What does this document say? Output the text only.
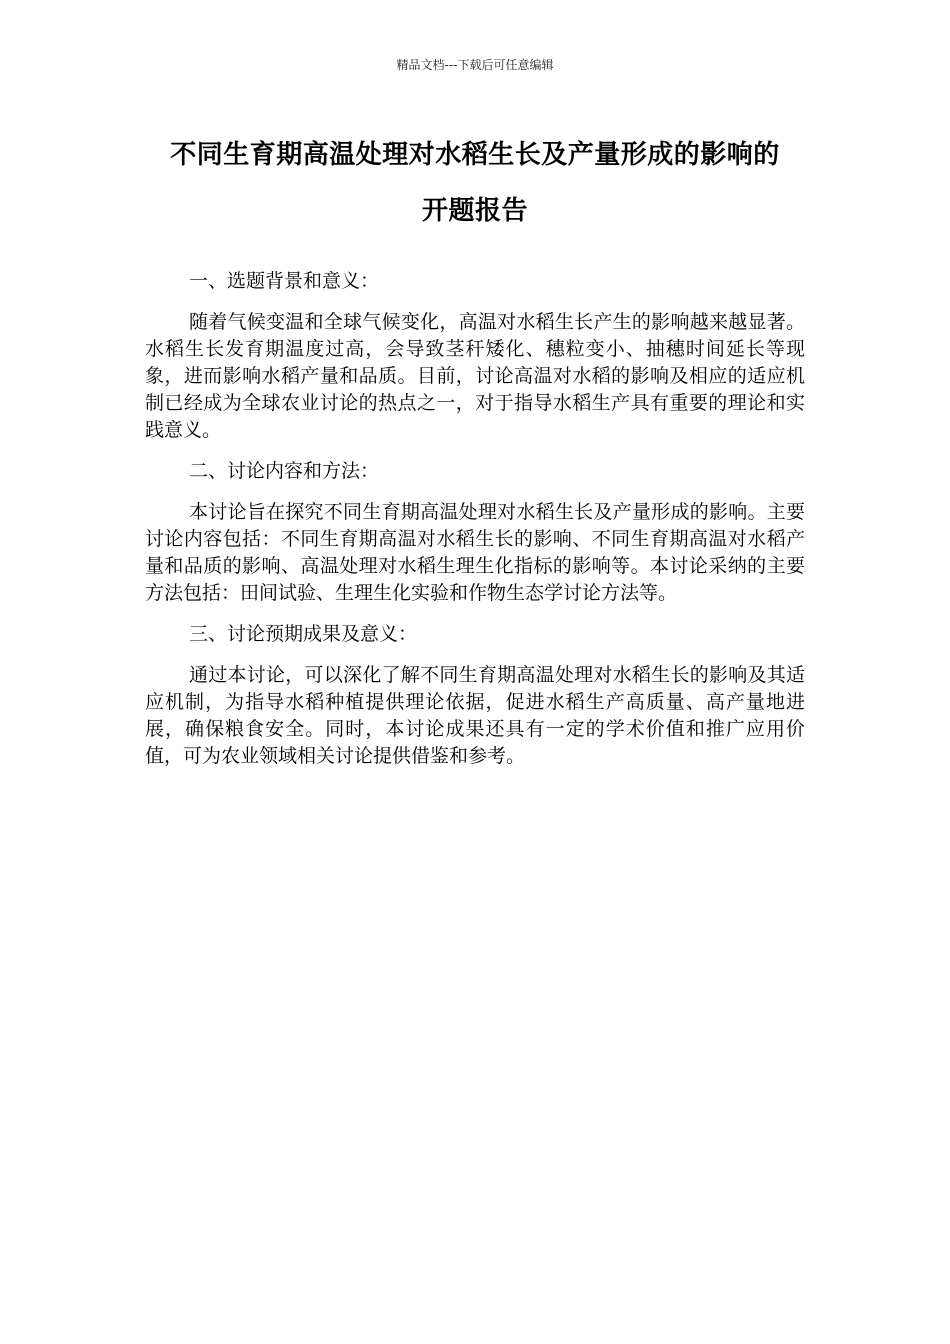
精品文档---下载后可任意编辑
不同生育期高温处理对水稻生长及产量形成的影响的
开题报告

一、选题背景和意义：

随着气候变温和全球气候变化，高温对水稻生长产生的影响越来越显著。水稻生长发育期温度过高，会导致茎秆矮化、穗粒变小、抽穗时间延长等现象，进而影响水稻产量和品质。目前，讨论高温对水稻的影响及相应的适应机制已经成为全球农业讨论的热点之一，对于指导水稻生产具有重要的理论和实践意义。

二、讨论内容和方法：

本讨论旨在探究不同生育期高温处理对水稻生长及产量形成的影响。主要讨论内容包括：不同生育期高温对水稻生长的影响、不同生育期高温对水稻产量和品质的影响、高温处理对水稻生理生化指标的影响等。本讨论采纳的主要方法包括：田间试验、生理生化实验和作物生态学讨论方法等。

三、讨论预期成果及意义：

通过本讨论，可以深化了解不同生育期高温处理对水稻生长的影响及其适应机制，为指导水稻种植提供理论依据，促进水稻生产高质量、高产量地进展，确保粮食安全。同时，本讨论成果还具有一定的学术价值和推广应用价值，可为农业领域相关讨论提供借鉴和参考。
